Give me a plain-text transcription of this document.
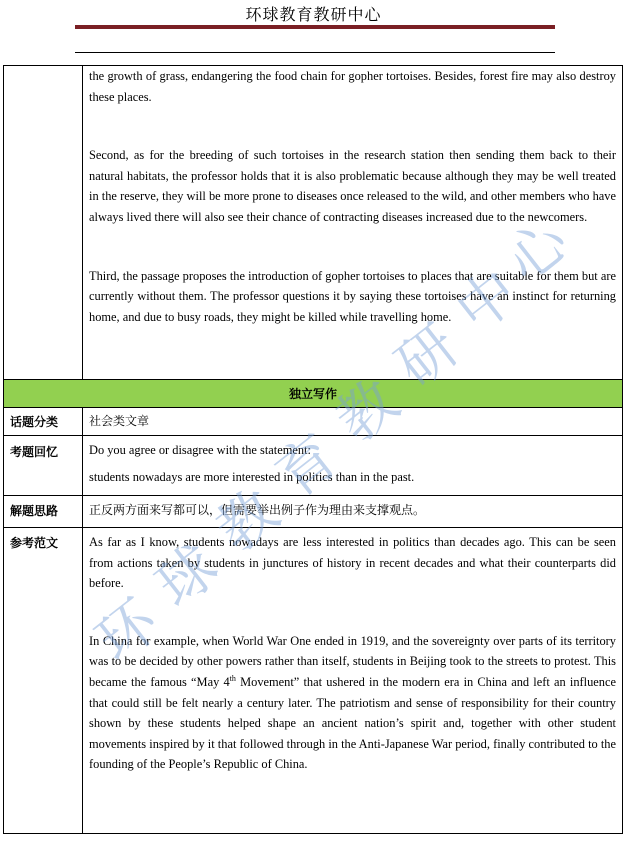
环球教育教研中心

the growth of grass, endangering the food chain for gopher tortoises. Besides, forest fire may also destroy these places.

Second, as for the breeding of such tortoises in the research station then sending them back to their natural habitats, the professor holds that it is also problematic because although they may be well treated in the reserve, they will be more prone to diseases once released to the wild, and other members who have always lived there will also see their chance of contracting diseases increased due to the newcomers.

Third, the passage proposes the introduction of gopher tortoises to places that are suitable for them but are currently without them. The professor questions it by saying these tortoises have an instinct for returning home, and due to busy roads, they might be killed while travelling home.

独立写作
话题分类	社会类文章
考题回忆	Do you agree or disagree with the statement:

students nowadays are more interested in politics than in the past.

解题思路	正反两方面来写都可以，但需要举出例子作为理由来支撑观点。
参考范文	As far as I know, students nowadays are less interested in politics than decades ago. This can be seen from actions taken by students in junctures of history in recent decades and what their counterparts did before.

In China for example, when World War One ended in 1919, and the sovereignty over parts of its territory was to be decided by other powers rather than itself, students in Beijing took to the streets to protest. This became the famous “May 4th Movement” that ushered in the modern era in China and left an influence that could still be felt nearly a century later. The patriotism and sense of responsibility for their country shown by these students helped shape an ancient nation’s spirit and, together with other student movements inspired by it that followed through in the Anti-Japanese War period, finally contributed to the founding of the People’s Republic of China.

环
球
教
育
教
研
中
心
